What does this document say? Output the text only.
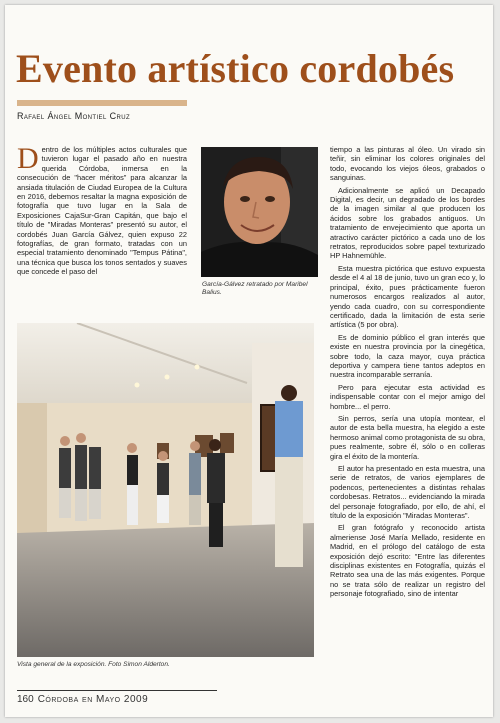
Evento artístico cordobés
Rafael Ángel Montiel Cruz

Dentro de los múltiples actos culturales que tuvieron lugar el pasado año en nuestra querida Córdoba, inmersa en la consecución de "hacer méritos" para alcanzar la ansiada titulación de Ciudad Europea de la Cultura en 2016, debemos resaltar la magna exposición de fotografía que tuvo lugar en la Sala de Exposiciones CajaSur-Gran Capitán, que bajo el título de "Miradas Monteras" presentó su autor, el cordobés Juan García Gálvez, quien expuso 22 fotografías, de gran formato, tratadas con un especial tratamiento denominado "Tempus Pátina", una técnica que busca los tonos sentados y suaves que concede el paso del

García-Gálvez retratado por Maribel Balius.

tiempo a las pinturas al óleo. Un virado sin teñir, sin eliminar los colores originales del todo, evocando los viejos óleos, grabados o sanguinas.

Adicionalmente se aplicó un Decapado Digital, es decir, un degradado de los bordes de la imagen similar al que producen los ácidos sobre los grabados antiguos. Un tratamiento de envejecimiento que aporta un atractivo carácter pictórico a cada uno de los retratos, reproducidos sobre papel texturizado HP Hahnemühle.

Esta muestra pictórica que estuvo expuesta desde el 4 al 18 de junio, tuvo un gran eco y, lo principal, éxito, pues prácticamente fueron numerosos encargos realizados al autor, yendo cada cuadro, con su correspondiente certificado, dada la limitación de esta serie artística (5 por obra).

Es de dominio público el gran interés que existe en nuestra provincia por la cinegética, sobre todo, la caza mayor, cuya práctica deportiva y campera tiene tantos adeptos en nuestra incomparable serranía.

Pero para ejecutar esta actividad es indispensable contar con el mejor amigo del hombre... el perro.

Sin perros, sería una utopía montear, el autor de esta bella muestra, ha elegido a este hermoso animal como protagonista de su obra, pues realmente, sobre él, sólo o en colleras gira el éxito de la montería.

El autor ha presentado en esta muestra, una serie de retratos, de varios ejemplares de podencos, pertenecientes a distintas rehalas cordobesas. Retratos... evidenciando la mirada del personaje fotografiado, por ello, de ahí, el título de la exposición "Miradas Monteras".

El gran fotógrafo y reconocido artista almeriense José María Mellado, residente en Madrid, en el prólogo del catálogo de esta exposición dejó escrito: "Entre las diferentes disciplinas existentes en Fotografía, quizás el Retrato sea una de las más exigentes. Porque no se trata sólo de realizar un registro del personaje fotografiado, sino de intentar

Vista general de la exposición. Foto Simon Alderton.
160 Córdoba en Mayo 2009
